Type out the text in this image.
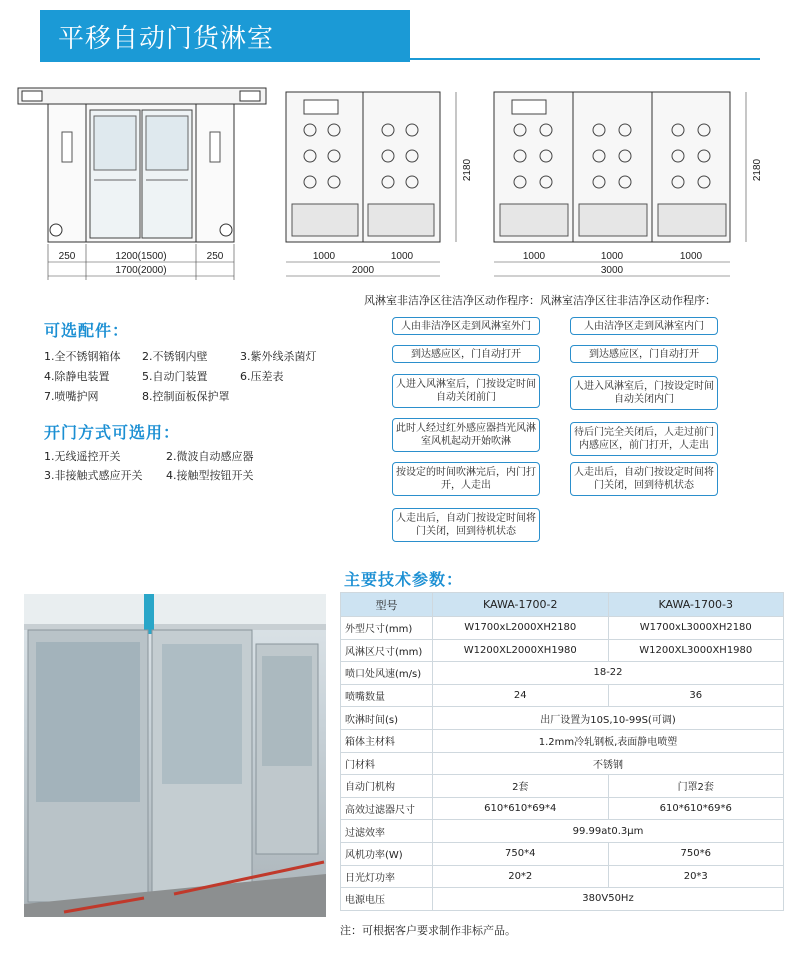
平移自动门货淋室
250	1200(1500)	250
1700(2000)
2180
1000	1000
2000
2180
1000	1000	1000
3000
可选配件：
1.全不锈钢箱体 2.不锈钢内壁	3.紫外线杀菌灯
4.除静电装置	5.自动门装置	6.压差表
7.喷嘴护网	8.控制面板保护罩
开门方式可选用：
1.无线遥控开关	2.微波自动感应器
3.非接触式感应开关 4.接触型按钮开关
风淋室非洁净区往洁净区动作程序：风淋室洁净区往非洁净区动作程序：
人由非洁净区走到风淋室外门
到达感应区，门自动打开
人进入风淋室后，门按设定时间自动关闭前门
此时人经过红外感应器挡光风淋室风机起动开始吹淋
按设定的时间吹淋完后，内门打开，人走出
人走出后，自动门按设定时间将门关闭，回到待机状态
人由洁净区走到风淋室内门
到达感应区，门自动打开
人进入风淋室后，门按设定时间自动关闭内门
待后门完全关闭后，人走过前门内感应区，前门打开，人走出
人走出后，自动门按设定时间将门关闭，回到待机状态
主要技术参数：
型号	KAWA-1700-2	KAWA-1700-3
外型尺寸(mm)	W1700xL2000XH2180	W1700xL3000XH2180
风淋区尺寸(mm)	W1200XL2000XH1980	W1200XL3000XH1980
喷口处风速(m/s)	18-22	
喷嘴数量	24	36
吹淋时间(s)	出厂设置为10S,10-99S(可调)	
箱体主材料	1.2mm冷轧钢板,表面静电喷塑	
门材料	不锈钢	
自动门机构	2套	门罩2套
高效过滤器尺寸	610*610*69*4	610*610*69*6
过滤效率	99.99at0.3μm	
风机功率(W)	750*4	750*6
日光灯功率	20*2	20*3
电源电压	380V50Hz	
注：可根据客户要求制作非标产品。
